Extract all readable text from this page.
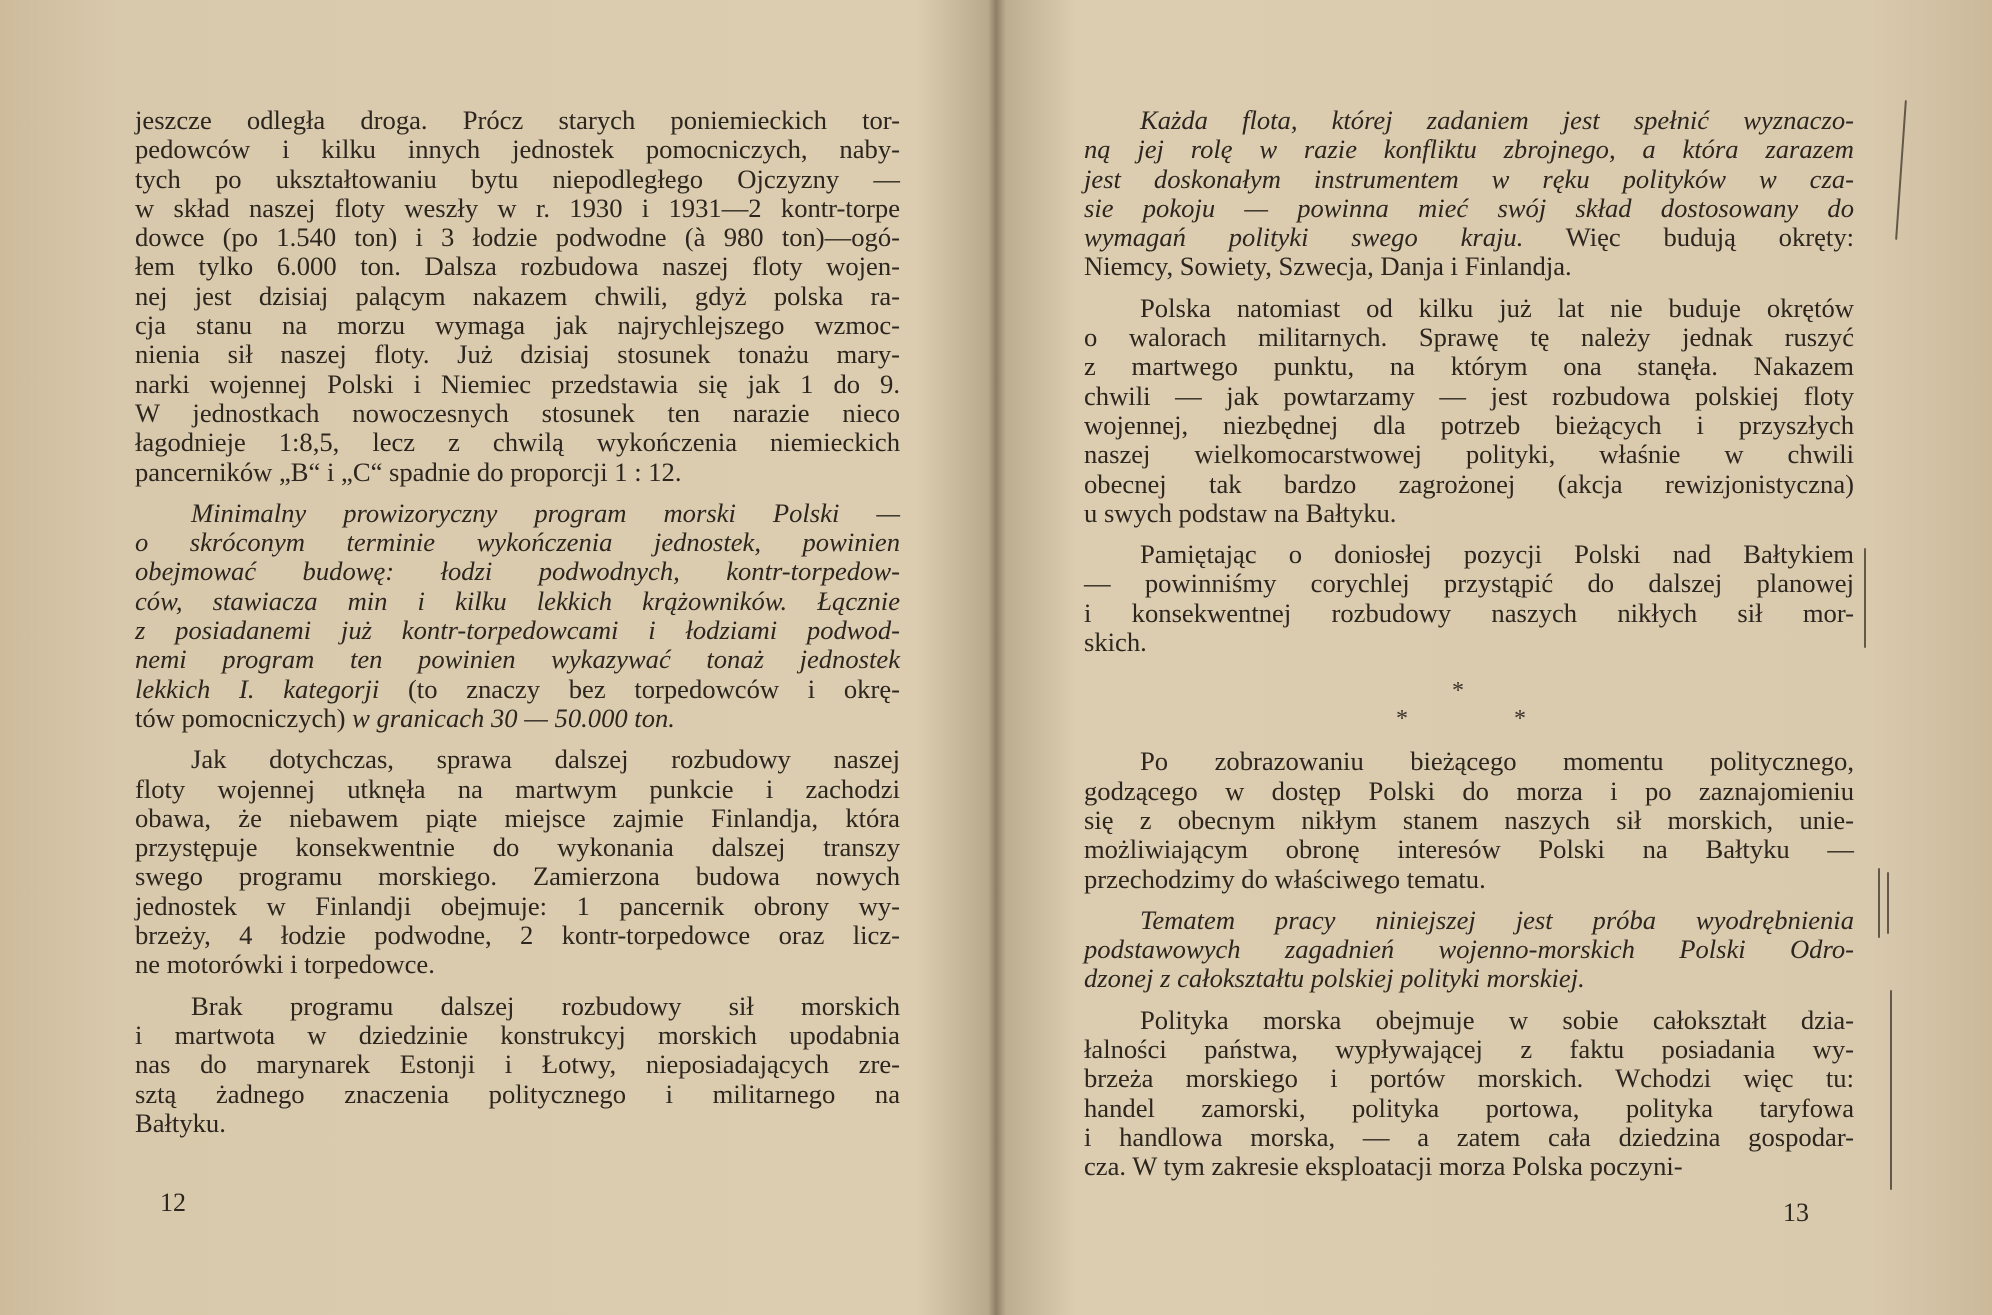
jeszcze odległa droga. Prócz starych poniemieckich tor-
pedowców i kilku innych jednostek pomocniczych, naby-
tych po ukształtowaniu bytu niepodległego Ojczyzny —
w skład naszej floty weszły w r. 1930 i 1931—2 kontr-torpe
dowce (po 1.540 ton) i 3 łodzie podwodne (à 980 ton)—ogó-
łem tylko 6.000 ton. Dalsza rozbudowa naszej floty wojen-
nej jest dzisiaj palącym nakazem chwili, gdyż polska ra-
cja stanu na morzu wymaga jak najrychlejszego wzmoc-
nienia sił naszej floty. Już dzisiaj stosunek tonażu mary-
narki wojennej Polski i Niemiec przedstawia się jak 1 do 9.
W jednostkach nowoczesnych stosunek ten narazie nieco
łagodnieje 1:8,5, lecz z chwilą wykończenia niemieckich
pancerników „B“ i „C“ spadnie do proporcji 1 : 12.
Minimalny prowizoryczny program morski Polski —
o skróconym terminie wykończenia jednostek, powinien
obejmować budowę: łodzi podwodnych, kontr-torpedow-
ców, stawiacza min i kilku lekkich krążowników. Łącznie
z posiadanemi już kontr-torpedowcami i łodziami podwod-
nemi program ten powinien wykazywać tonaż jednostek
lekkich I. kategorji (to znaczy bez torpedowców i okrę-
tów pomocniczych) w granicach 30 — 50.000 ton.
Jak dotychczas, sprawa dalszej rozbudowy naszej
floty wojennej utknęła na martwym punkcie i zachodzi
obawa, że niebawem piąte miejsce zajmie Finlandja, która
przystępuje konsekwentnie do wykonania dalszej transzy
swego programu morskiego. Zamierzona budowa nowych
jednostek w Finlandji obejmuje: 1 pancernik obrony wy-
brzeży, 4 łodzie podwodne, 2 kontr-torpedowce oraz licz-
ne motorówki i torpedowce.
Brak programu dalszej rozbudowy sił morskich
i martwota w dziedzinie konstrukcyj morskich upodabnia
nas do marynarek Estonji i Łotwy, nieposiadających zre-
sztą żadnego znaczenia politycznego i militarnego na
Bałtyku.
12
Każda flota, której zadaniem jest spełnić wyznaczo-
ną jej rolę w razie konfliktu zbrojnego, a która zarazem
jest doskonałym instrumentem w ręku polityków w cza-
sie pokoju — powinna mieć swój skład dostosowany do
wymagań polityki swego kraju. Więc budują okręty:
Niemcy, Sowiety, Szwecja, Danja i Finlandja.
Polska natomiast od kilku już lat nie buduje okrętów
o walorach militarnych. Sprawę tę należy jednak ruszyć
z martwego punktu, na którym ona stanęła. Nakazem
chwili — jak powtarzamy — jest rozbudowa polskiej floty
wojennej, niezbędnej dla potrzeb bieżących i przyszłych
naszej wielkomocarstwowej polityki, właśnie w chwili
obecnej tak bardzo zagrożonej (akcja rewizjonistyczna)
u swych podstaw na Bałtyku.
Pamiętając o doniosłej pozycji Polski nad Bałtykiem
— powinniśmy corychlej przystąpić do dalszej planowej
i konsekwentnej rozbudowy naszych nikłych sił mor-
skich.
*
*	*
Po zobrazowaniu bieżącego momentu politycznego,
godzącego w dostęp Polski do morza i po zaznajomieniu
się z obecnym nikłym stanem naszych sił morskich, unie-
możliwiającym obronę interesów Polski na Bałtyku —
przechodzimy do właściwego tematu.
Tematem pracy niniejszej jest próba wyodrębnienia
podstawowych zagadnień wojenno-morskich Polski Odro-
dzonej z całokształtu polskiej polityki morskiej.
Polityka morska obejmuje w sobie całokształt dzia-
łalności państwa, wypływającej z faktu posiadania wy-
brzeża morskiego i portów morskich. Wchodzi więc tu:
handel zamorski, polityka portowa, polityka taryfowa
i handlowa morska, — a zatem cała dziedzina gospodar-
cza. W tym zakresie eksploatacji morza Polska poczyni-
13
